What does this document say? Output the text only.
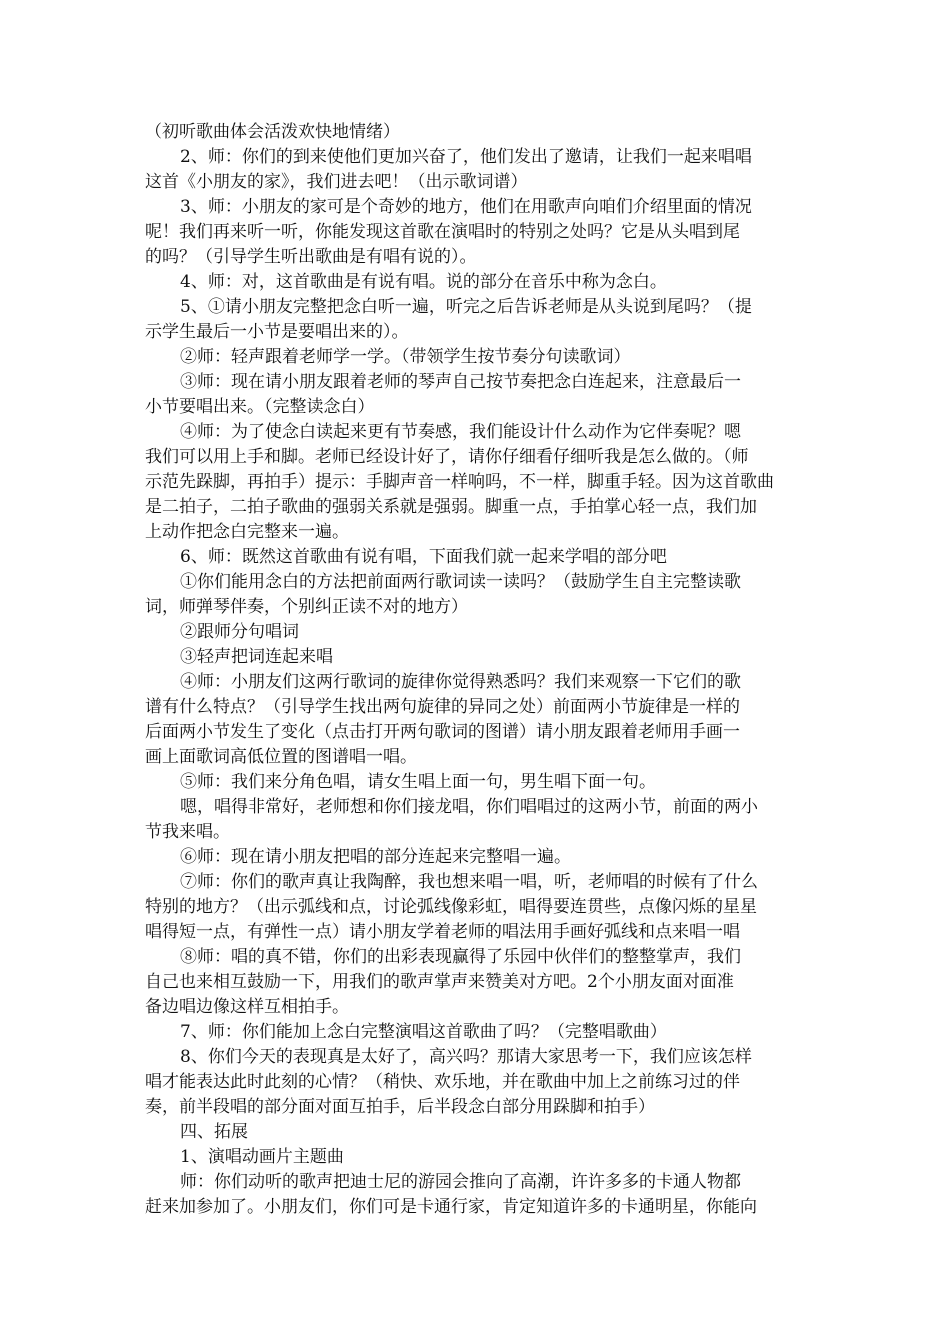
（初听歌曲体会活泼欢快地情绪）
2、师：你们的到来使他们更加兴奋了，他们发出了邀请，让我们一起来唱唱
这首《小朋友的家》，我们进去吧！（出示歌词谱）
3、师：小朋友的家可是个奇妙的地方，他们在用歌声向咱们介绍里面的情况
呢！我们再来听一听，你能发现这首歌在演唱时的特别之处吗？它是从头唱到尾
的吗？（引导学生听出歌曲是有唱有说的）。
4、师：对，这首歌曲是有说有唱。说的部分在音乐中称为念白。
5、①请小朋友完整把念白听一遍，听完之后告诉老师是从头说到尾吗？（提
示学生最后一小节是要唱出来的）。
②师：轻声跟着老师学一学。（带领学生按节奏分句读歌词）
③师：现在请小朋友跟着老师的琴声自己按节奏把念白连起来，注意最后一
小节要唱出来。（完整读念白）
④师：为了使念白读起来更有节奏感，我们能设计什么动作为它伴奏呢？嗯
我们可以用上手和脚。老师已经设计好了，请你仔细看仔细听我是怎么做的。（师
示范先跺脚，再拍手）提示：手脚声音一样响吗，不一样，脚重手轻。因为这首歌曲
是二拍子，二拍子歌曲的强弱关系就是强弱。脚重一点，手拍掌心轻一点，我们加
上动作把念白完整来一遍。
6、师：既然这首歌曲有说有唱，下面我们就一起来学唱的部分吧
①你们能用念白的方法把前面两行歌词读一读吗？（鼓励学生自主完整读歌
词，师弹琴伴奏，个别纠正读不对的地方）
②跟师分句唱词
③轻声把词连起来唱
④师：小朋友们这两行歌词的旋律你觉得熟悉吗？我们来观察一下它们的歌
谱有什么特点？（引导学生找出两句旋律的异同之处）前面两小节旋律是一样的
后面两小节发生了变化（点击打开两句歌词的图谱）请小朋友跟着老师用手画一
画上面歌词高低位置的图谱唱一唱。
⑤师：我们来分角色唱，请女生唱上面一句，男生唱下面一句。
嗯，唱得非常好，老师想和你们接龙唱，你们唱唱过的这两小节，前面的两小
节我来唱。
⑥师：现在请小朋友把唱的部分连起来完整唱一遍。
⑦师：你们的歌声真让我陶醉，我也想来唱一唱，听，老师唱的时候有了什么
特别的地方？（出示弧线和点，讨论弧线像彩虹，唱得要连贯些，点像闪烁的星星
唱得短一点，有弹性一点）请小朋友学着老师的唱法用手画好弧线和点来唱一唱
⑧师：唱的真不错，你们的出彩表现赢得了乐园中伙伴们的整整掌声，我们
自己也来相互鼓励一下，用我们的歌声掌声来赞美对方吧。2个小朋友面对面准
备边唱边像这样互相拍手。
7、师：你们能加上念白完整演唱这首歌曲了吗？（完整唱歌曲）
8、你们今天的表现真是太好了，高兴吗？那请大家思考一下，我们应该怎样
唱才能表达此时此刻的心情？（稍快、欢乐地，并在歌曲中加上之前练习过的伴
奏，前半段唱的部分面对面互拍手，后半段念白部分用跺脚和拍手）
四、拓展
1、演唱动画片主题曲
师：你们动听的歌声把迪士尼的游园会推向了高潮，许许多多的卡通人物都
赶来加参加了。小朋友们，你们可是卡通行家，肯定知道许多的卡通明星，你能向
